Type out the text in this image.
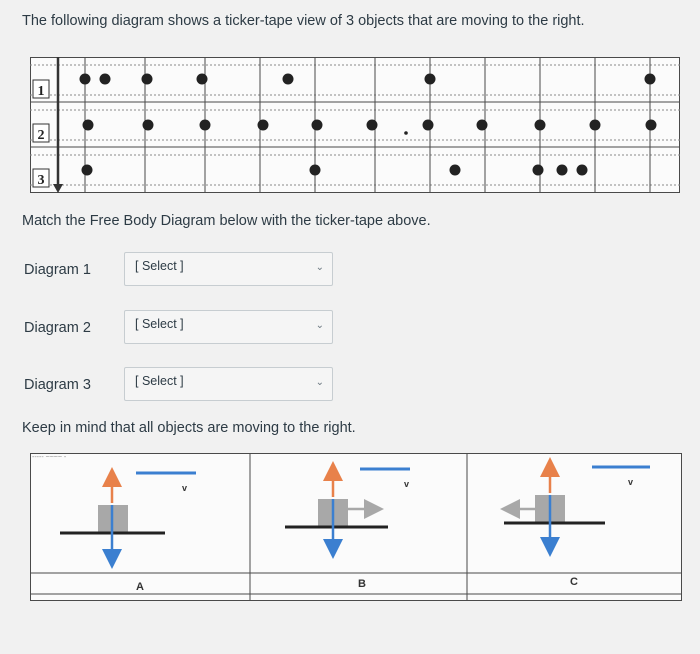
The following diagram shows a ticker-tape view of 3 objects that are moving to the right.
1
2
3
Match the Free Body Diagram below with the ticker-tape above.
Diagram 1	[ Select ]	⌄
Diagram 2	[ Select ]	⌄
Diagram 3	[ Select ]	⌄
Keep in mind that all objects are moving to the right.
----- ~~~~ -
v
A
v
B
v
C
